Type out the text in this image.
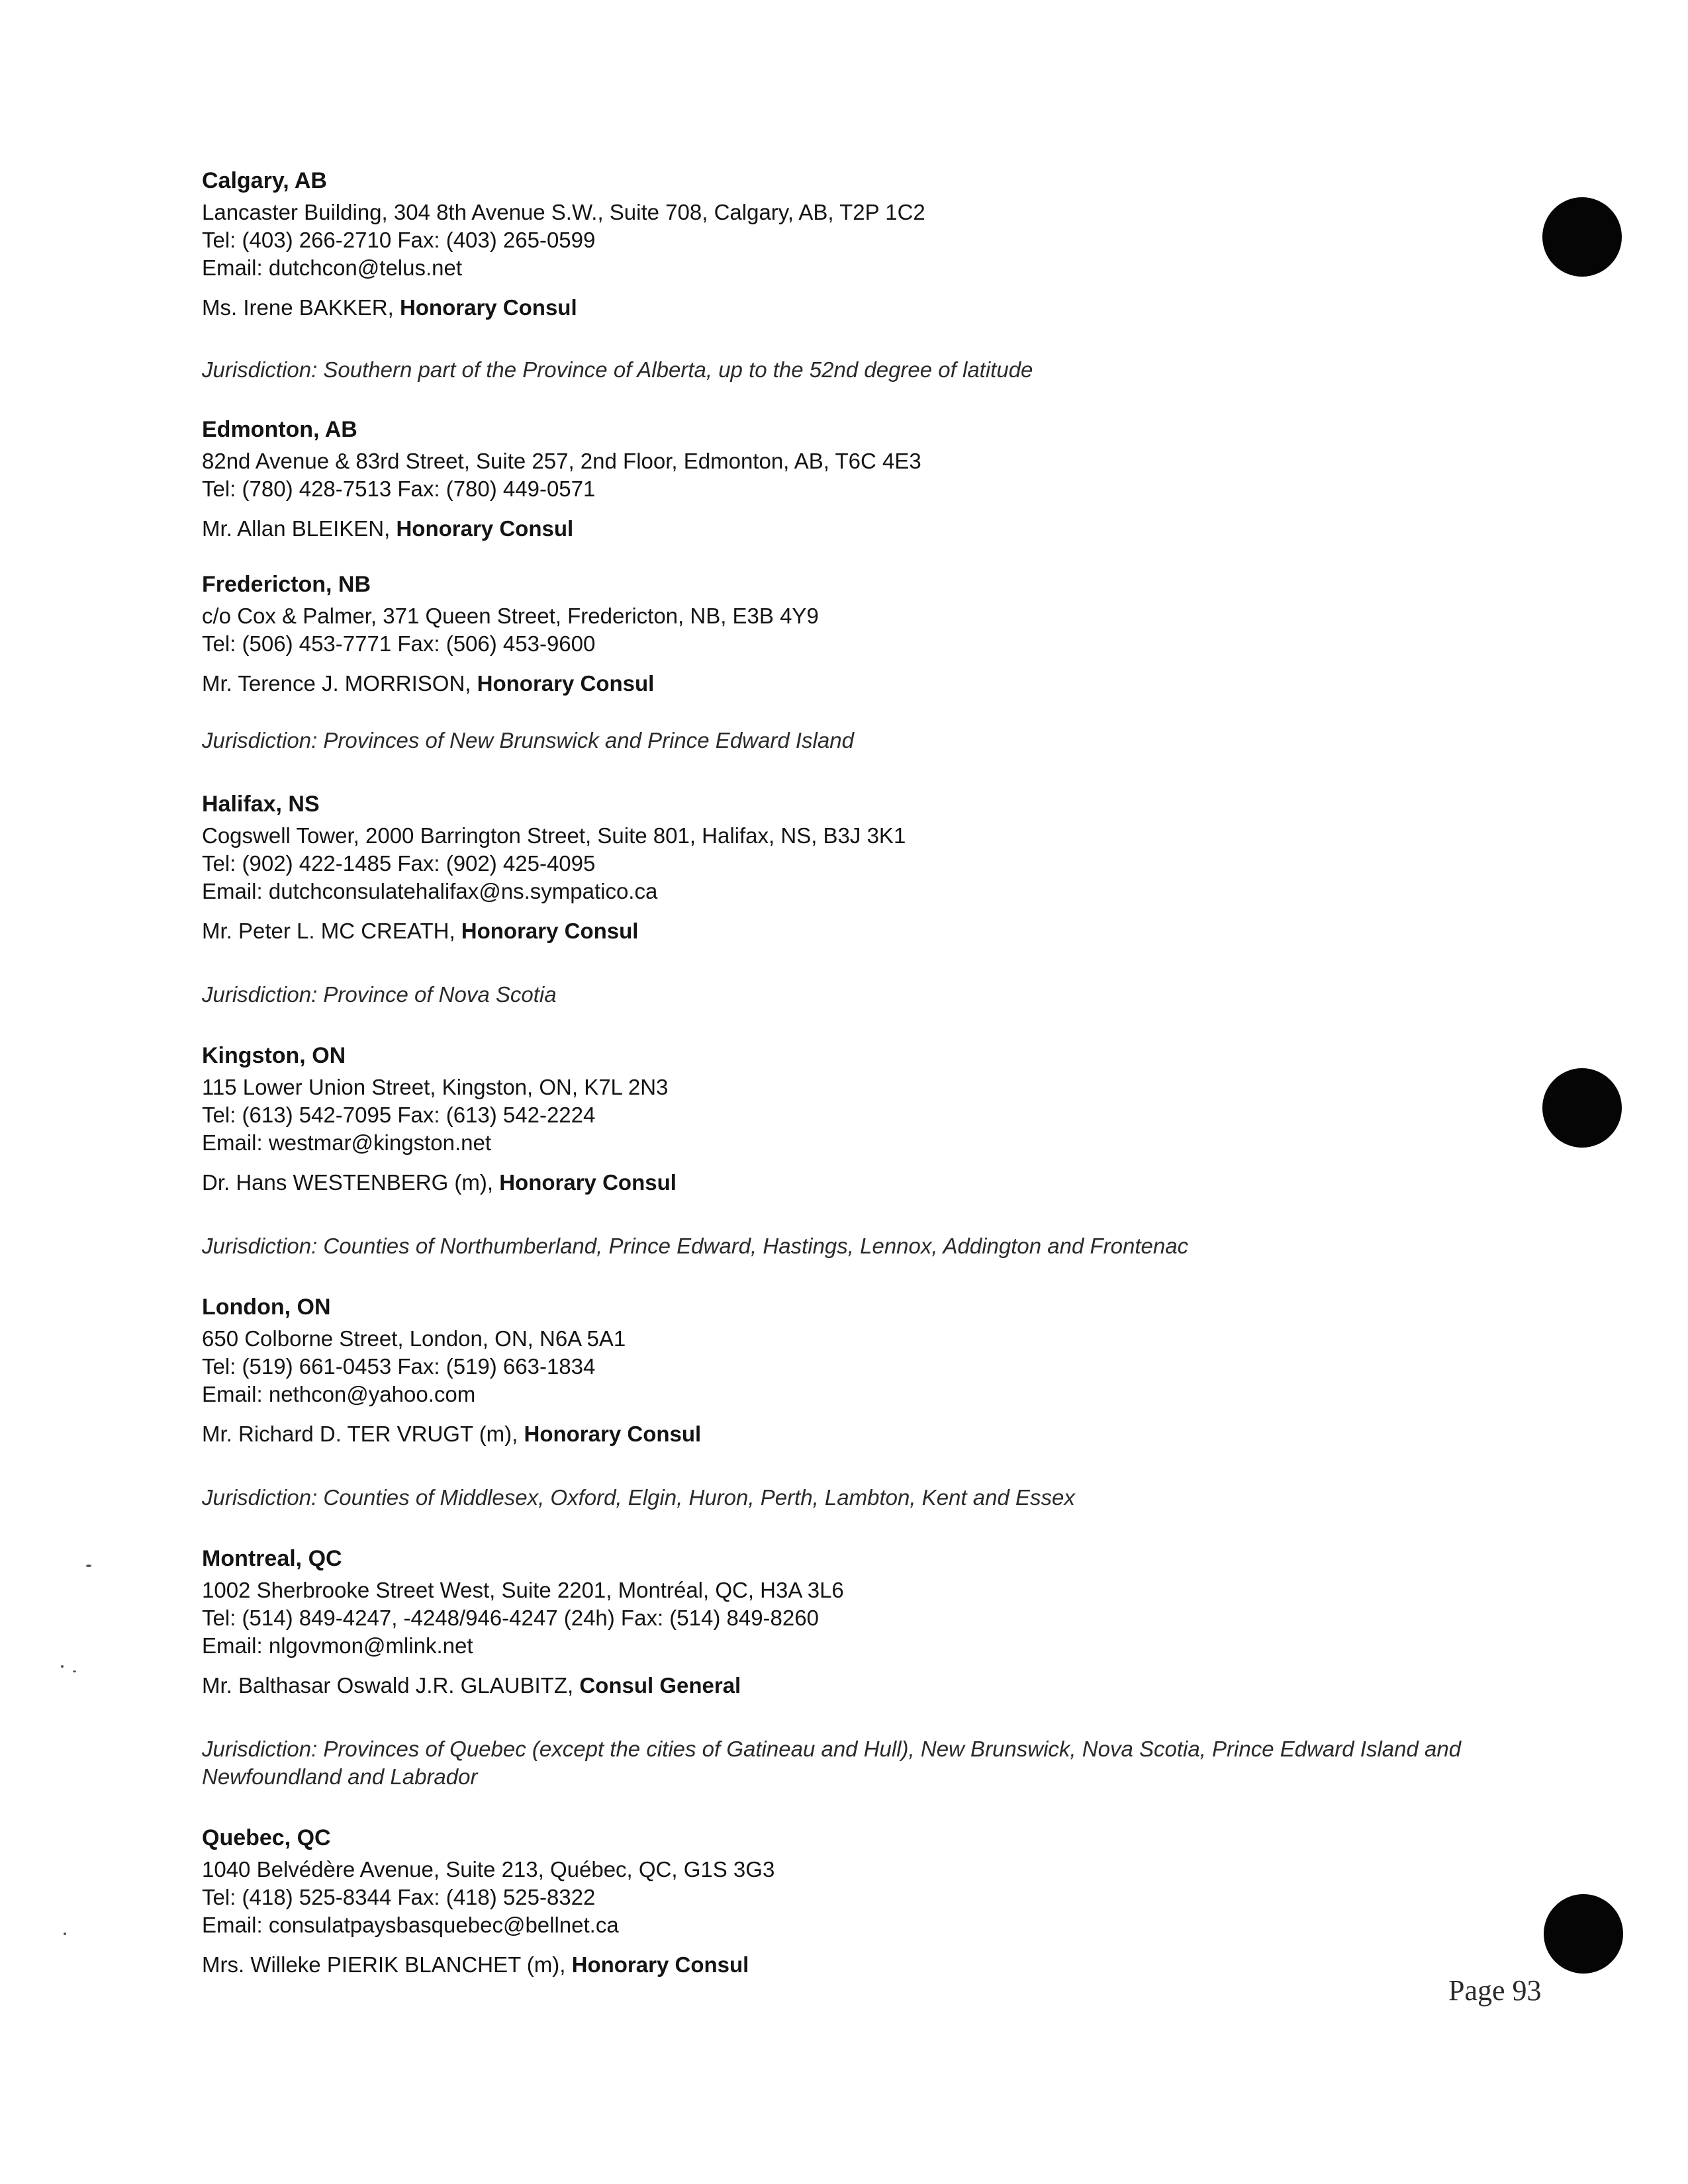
Calgary, AB
Lancaster Building, 304 8th Avenue S.W., Suite 708, Calgary, AB, T2P 1C2
Tel: (403) 266-2710 Fax: (403) 265-0599
Email: dutchcon@telus.net
Ms. Irene BAKKER, Honorary Consul
Jurisdiction: Southern part of the Province of Alberta, up to the 52nd degree of latitude
Edmonton, AB
82nd Avenue & 83rd Street, Suite 257, 2nd Floor, Edmonton, AB, T6C 4E3
Tel: (780) 428-7513 Fax: (780) 449-0571
Mr. Allan BLEIKEN, Honorary Consul
Fredericton, NB
c/o Cox & Palmer, 371 Queen Street, Fredericton, NB, E3B 4Y9
Tel: (506) 453-7771 Fax: (506) 453-9600
Mr. Terence J. MORRISON, Honorary Consul
Jurisdiction: Provinces of New Brunswick and Prince Edward Island
Halifax, NS
Cogswell Tower, 2000 Barrington Street, Suite 801, Halifax, NS, B3J 3K1
Tel: (902) 422-1485 Fax: (902) 425-4095
Email: dutchconsulatehalifax@ns.sympatico.ca
Mr. Peter L. MC CREATH, Honorary Consul
Jurisdiction: Province of Nova Scotia
Kingston, ON
115 Lower Union Street, Kingston, ON, K7L 2N3
Tel: (613) 542-7095 Fax: (613) 542-2224
Email: westmar@kingston.net
Dr. Hans WESTENBERG (m), Honorary Consul
Jurisdiction: Counties of Northumberland, Prince Edward, Hastings, Lennox, Addington and Frontenac
London, ON
650 Colborne Street, London, ON, N6A 5A1
Tel: (519) 661-0453 Fax: (519) 663-1834
Email: nethcon@yahoo.com
Mr. Richard D. TER VRUGT (m), Honorary Consul
Jurisdiction: Counties of Middlesex, Oxford, Elgin, Huron, Perth, Lambton, Kent and Essex
Montreal, QC
1002 Sherbrooke Street West, Suite 2201, Montréal, QC, H3A 3L6
Tel: (514) 849-4247, -4248/946-4247 (24h) Fax: (514) 849-8260
Email: nlgovmon@mlink.net
Mr. Balthasar Oswald J.R. GLAUBITZ, Consul General
Jurisdiction: Provinces of Quebec (except the cities of Gatineau and Hull), New Brunswick, Nova Scotia, Prince Edward Island and Newfoundland and Labrador
Quebec, QC
1040 Belvédère Avenue, Suite 213, Québec, QC, G1S 3G3
Tel: (418) 525-8344 Fax: (418) 525-8322
Email: consulatpaysbasquebec@bellnet.ca
Mrs. Willeke PIERIK BLANCHET (m), Honorary Consul
Page 93
